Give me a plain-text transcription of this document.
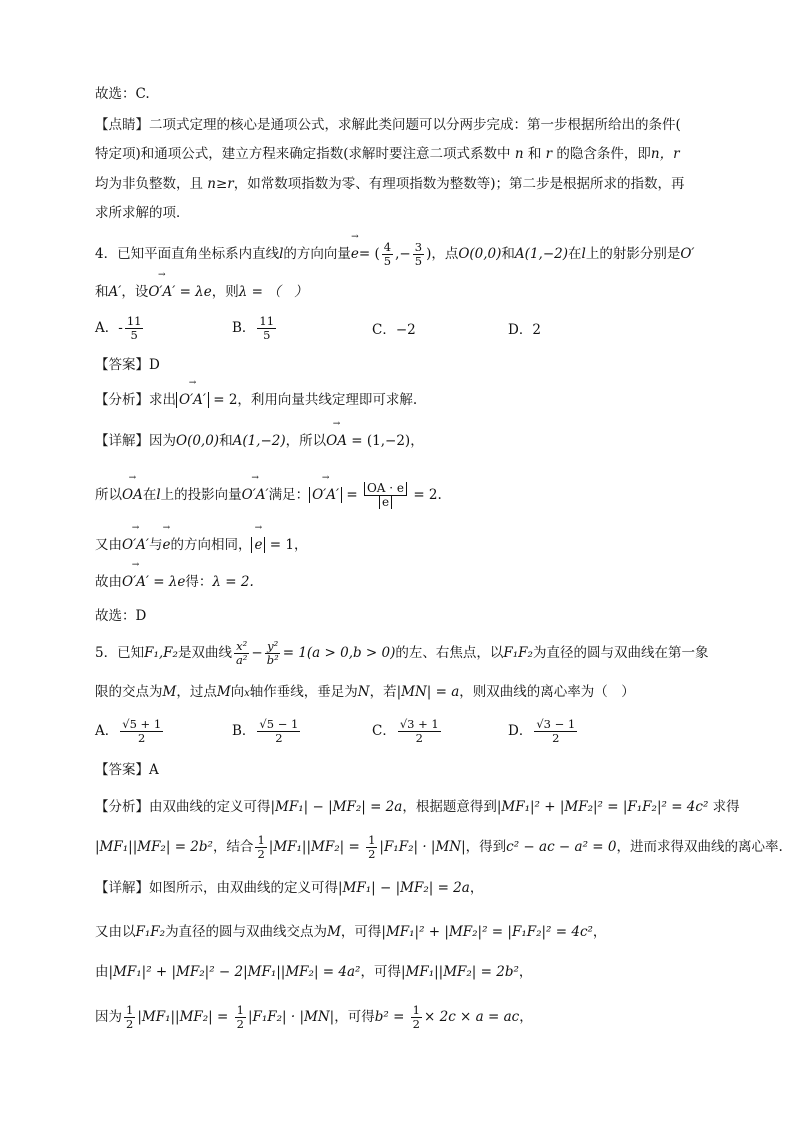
故选：C.
【点睛】二项式定理的核心是通项公式，求解此类问题可以分两步完成：第一步根据所给出的条件(
特定项)和通项公式，建立方程来确定指数(求解时要注意二项式系数中 n 和 r 的隐含条件，即n，r
均为非负整数，且 n≥r，如常数项指数为零、有理项指数为整数等)；第二步是根据所求的指数，再
求所求解的项．
4．已知平面直角坐标系内直线l的方向向量→ e= ( $\frac{4}{5}$ ,− $\frac{3}{5}$ )，点O(0,0)和A(1,−2)在l上的射影分别是O′
和A′，设→ O′A′ = λe，则λ = （　）
A．- $\frac{11}{5}$	B． $\frac{11}{5}$	C．−2	D．2
【答案】D
【分析】求出 → O′A′ = 2，利用向量共线定理即可求解.
【详解】因为O(0,0)和A(1,−2)，所以→ OA = (1,−2)，
所以→ OA在l上的投影向量→ O′A′满足： → $O'A' = \frac{OA \cdot e}{e} = 2$.
又由→ O′A′与→ e的方向相同， → e = 1，
故由→ O′A′ = λe得：λ = 2.
故选：D
5．已知F₁,F₂是双曲线 $\frac{\text{x²}}{\text{a²}} - \frac{\text{y²}}{\text{b²}} = 1(a > 0,b > 0)$的左、右焦点，以F₁F₂为直径的圆与双曲线在第一象
限的交点为M，过点M向x轴作垂线，垂足为N，若|MN| = a，则双曲线的离心率为（　）
A． $\frac{√5 + 1}{2}$	B． $\frac{√5 - 1}{2}$	C． $\frac{√3 + 1}{2}$	D． $\frac{√3 - 1}{2}$
【答案】A
【分析】由双曲线的定义可得|MF₁| − |MF₂| = 2a，根据题意得到|MF₁|² + |MF₂|² = |F₁F₂|² = 4c² 求得
|MF₁||MF₂| = 2b²，结合 $\frac{1}{2} |MF_1||MF_2| = \frac{1}{2} |F_1F_2| \cdot |MN|$，得到c² − ac − a² = 0，进而求得双曲线的离心率.
【详解】如图所示，由双曲线的定义可得|MF₁| − |MF₂| = 2a，
又由以F₁F₂为直径的圆与双曲线交点为M，可得|MF₁|² + |MF₂|² = |F₁F₂|² = 4c²，
由|MF₁|² + |MF₂|² − 2|MF₁||MF₂| = 4a²，可得|MF₁||MF₂| = 2b²，
因为 $\frac{1}{2} |MF_1||MF_2| = \frac{1}{2} |F_1F_2| \cdot |MN|$，可得$b^2 = \frac{1}{2} \times 2c \times a$ = ac，
